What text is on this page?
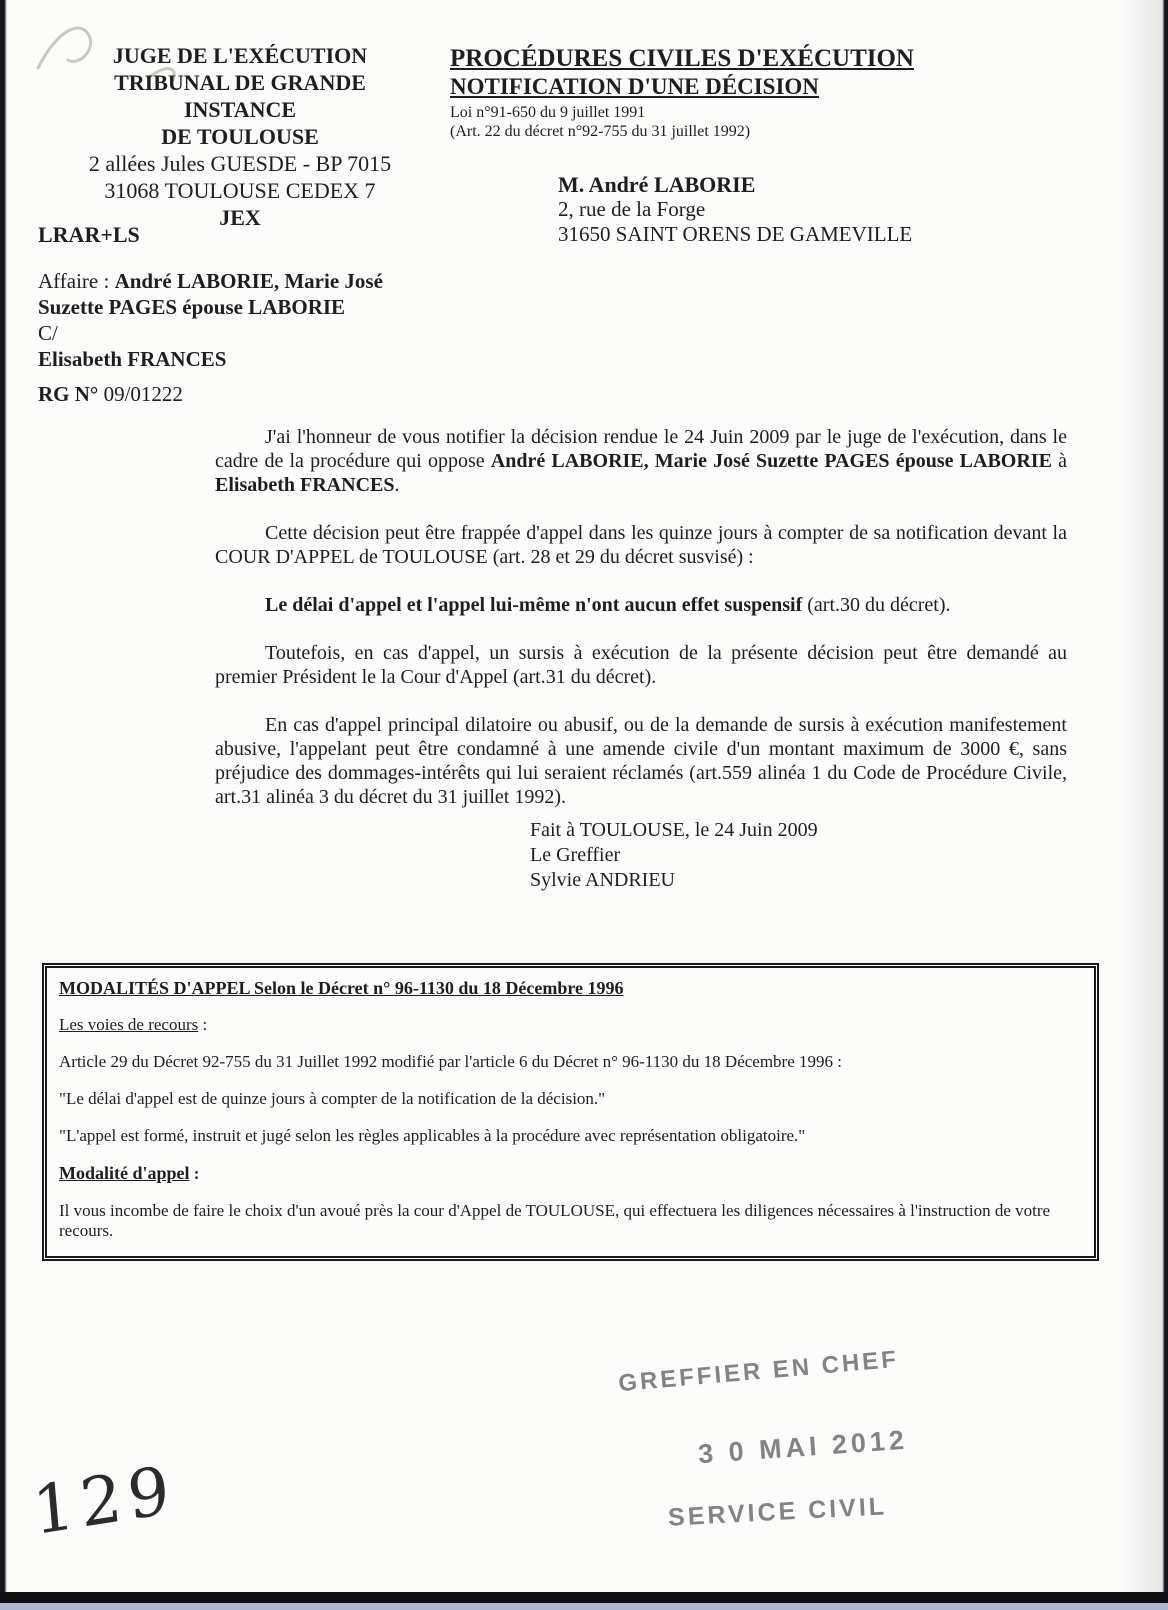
JUGE DE L'EXÉCUTION
TRIBUNAL DE GRANDE
INSTANCE
DE TOULOUSE
2 allées Jules GUESDE - BP 7015
31068 TOULOUSE CEDEX 7
JEX
LRAR+LS
PROCÉDURES CIVILES D'EXÉCUTION
NOTIFICATION D'UNE DÉCISION
Loi n°91-650 du 9 juillet 1991
(Art. 22 du décret n°92-755 du 31 juillet 1992)
M. André LABORIE
2, rue de la Forge
31650 SAINT ORENS DE GAMEVILLE
Affaire : André LABORIE, Marie José
Suzette PAGES épouse LABORIE
C/
Elisabeth FRANCES
RG N° 09/01222

J'ai l'honneur de vous notifier la décision rendue le 24 Juin 2009 par le juge de l'exécution, dans le cadre de la procédure qui oppose André LABORIE, Marie José Suzette PAGES épouse LABORIE à Elisabeth FRANCES.

Cette décision peut être frappée d'appel dans les quinze jours à compter de sa notification devant la COUR D'APPEL de TOULOUSE (art. 28 et 29 du décret susvisé) :

Le délai d'appel et l'appel lui-même n'ont aucun effet suspensif (art.30 du décret).

Toutefois, en cas d'appel, un sursis à exécution de la présente décision peut être demandé au premier Président le la Cour d'Appel (art.31 du décret).

En cas d'appel principal dilatoire ou abusif, ou de la demande de sursis à exécution manifestement abusive, l'appelant peut être condamné à une amende civile d'un montant maximum de 3000 €, sans préjudice des dommages-intérêts qui lui seraient réclamés (art.559 alinéa 1 du Code de Procédure Civile, art.31 alinéa 3 du décret du 31 juillet 1992).

Fait à TOULOUSE, le 24 Juin 2009
Le Greffier
Sylvie ANDRIEU
MODALITÉS D'APPEL Selon le Décret n° 96-1130 du 18 Décembre 1996
Les voies de recours :
Article 29 du Décret 92-755 du 31 Juillet 1992 modifié par l'article 6 du Décret n° 96-1130 du 18 Décembre 1996 :
"Le délai d'appel est de quinze jours à compter de la notification de la décision."
"L'appel est formé, instruit et jugé selon les règles applicables à la procédure avec représentation obligatoire."
Modalité d'appel :
Il vous incombe de faire le choix d'un avoué près la cour d'Appel de TOULOUSE, qui effectuera les diligences nécessaires à l'instruction de votre recours.
GREFFIER EN CHEF
3 0 MAI 2012
SERVICE CIVIL
129
